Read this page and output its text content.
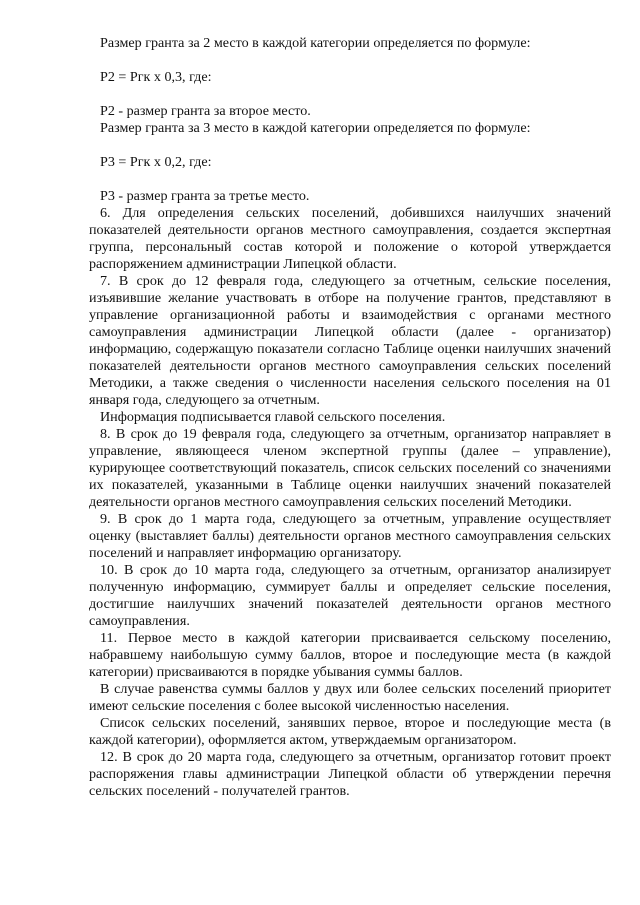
Размер гранта за 2 место в каждой категории определяется по формуле:

Р2 = Ргк х 0,3, где:

Р2 - размер гранта за второе место.

Размер гранта за 3 место в каждой категории определяется по формуле:

Р3 = Ргк х 0,2, где:

Р3 - размер гранта за третье место.

6. Для определения сельских поселений, добившихся наилучших значений показателей деятельности органов местного самоуправления, создается экспертная группа, персональный состав которой и положение о которой утверждается распоряжением администрации Липецкой области.

7. В срок до 12 февраля года, следующего за отчетным, сельские поселения, изъявившие желание участвовать в отборе на получение грантов, представляют в управление организационной работы и взаимодействия с органами местного самоуправления администрации Липецкой области (далее - организатор) информацию, содержащую показатели согласно Таблице оценки наилучших значений показателей деятельности органов местного самоуправления сельских поселений Методики, а также сведения о численности населения сельского поселения на 01 января года, следующего за отчетным.

Информация подписывается главой сельского поселения.

8. В срок до 19 февраля года, следующего за отчетным, организатор направляет в управление, являющееся членом экспертной группы (далее – управление), курирующее соответствующий показатель, список сельских поселений со значениями их показателей, указанными в Таблице оценки наилучших значений показателей деятельности органов местного самоуправления сельских поселений Методики.

9. В срок до 1 марта года, следующего за отчетным, управление осуществляет оценку (выставляет баллы) деятельности органов местного самоуправления сельских поселений и направляет информацию организатору.

10. В срок до 10 марта года, следующего за отчетным, организатор анализирует полученную информацию, суммирует баллы и определяет сельские поселения, достигшие наилучших значений показателей деятельности органов местного самоуправления.

11. Первое место в каждой категории присваивается сельскому поселению, набравшему наибольшую сумму баллов, второе и последующие места (в каждой категории) присваиваются в порядке убывания суммы баллов.

В случае равенства суммы баллов у двух или более сельских поселений приоритет имеют сельские поселения с более высокой численностью населения.

Список сельских поселений, занявших первое, второе и последующие места (в каждой категории), оформляется актом, утверждаемым организатором.

12. В срок до 20 марта года, следующего за отчетным, организатор готовит проект распоряжения главы администрации Липецкой области об утверждении перечня сельских поселений - получателей грантов.
